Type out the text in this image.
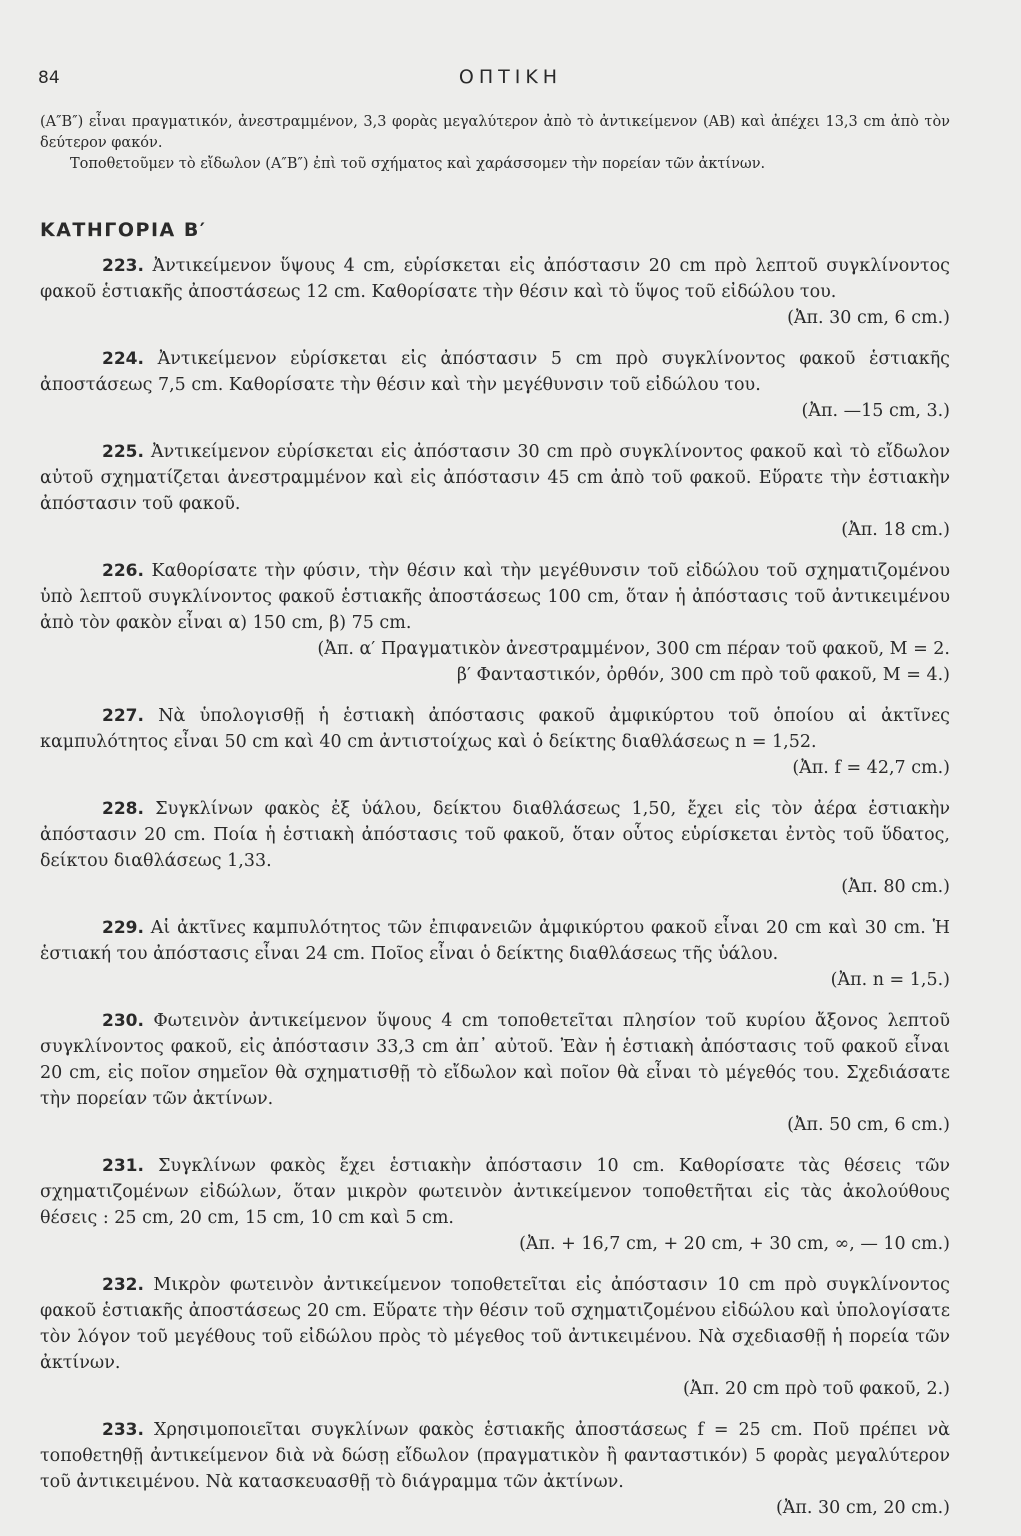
84	ΟΠΤΙΚΗ

(Α″Β″) εἶναι πραγματικόν, ἀνεστραμμένον, 3,3 φορὰς μεγαλύτερον ἀπὸ τὸ ἀντικείμενον (ΑΒ) καὶ ἀπέχει 13,3 cm ἀπὸ τὸν δεύτερον φακόν.

Τοποθετοῦμεν τὸ εἴδωλον (Α″Β″) ἐπὶ τοῦ σχήματος καὶ χαράσσομεν τὴν πορείαν τῶν ἀκτίνων.

ΚΑΤΗΓΟΡΙΑ Β′

223. Ἀντικείμενον ὕψους 4 cm, εὑρίσκεται εἰς ἀπόστασιν 20 cm πρὸ λεπτοῦ συγκλίνοντος φακοῦ ἑστιακῆς ἀποστάσεως 12 cm. Καθορίσατε τὴν θέσιν καὶ τὸ ὕψος τοῦ εἰδώλου του.

(Ἀπ. 30 cm, 6 cm.)

224. Ἀντικείμενον εὑρίσκεται εἰς ἀπόστασιν 5 cm πρὸ συγκλίνοντος φακοῦ ἑστιακῆς ἀποστάσεως 7,5 cm. Καθορίσατε τὴν θέσιν καὶ τὴν μεγέθυνσιν τοῦ εἰδώλου του.

(Ἀπ. —15 cm, 3.)

225. Ἀντικείμενον εὑρίσκεται εἰς ἀπόστασιν 30 cm πρὸ συγκλίνοντος φακοῦ καὶ τὸ εἴδωλον αὐτοῦ σχηματίζεται ἀνεστραμμένον καὶ εἰς ἀπόστασιν 45 cm ἀπὸ τοῦ φακοῦ. Εὕρατε τὴν ἑστιακὴν ἀπόστασιν τοῦ φακοῦ.

(Ἀπ. 18 cm.)

226. Καθορίσατε τὴν φύσιν, τὴν θέσιν καὶ τὴν μεγέθυνσιν τοῦ εἰδώλου τοῦ σχηματιζομένου ὑπὸ λεπτοῦ συγκλίνοντος φακοῦ ἑστιακῆς ἀποστάσεως 100 cm, ὅταν ἡ ἀπόστασις τοῦ ἀντικειμένου ἀπὸ τὸν φακὸν εἶναι α) 150 cm, β) 75 cm.

(Ἀπ. α′ Πραγματικὸν ἀνεστραμμένον, 300 cm πέραν τοῦ φακοῦ, Μ = 2.
β′ Φανταστικόν, ὀρθόν, 300 cm πρὸ τοῦ φακοῦ, Μ = 4.)

227. Νὰ ὑπολογισθῇ ἡ ἑστιακὴ ἀπόστασις φακοῦ ἀμφικύρτου τοῦ ὁποίου αἱ ἀκτῖνες καμπυλότητος εἶναι 50 cm καὶ 40 cm ἀντιστοίχως καὶ ὁ δείκτης διαθλάσεως n = 1,52.

(Ἀπ. f = 42,7 cm.)

228. Συγκλίνων φακὸς ἐξ ὑάλου, δείκτου διαθλάσεως 1,50, ἔχει εἰς τὸν ἀέρα ἑστιακὴν ἀπόστασιν 20 cm. Ποία ἡ ἑστιακὴ ἀπόστασις τοῦ φακοῦ, ὅταν οὗτος εὑρίσκεται ἐντὸς τοῦ ὕδατος, δείκτου διαθλάσεως 1,33.

(Ἀπ. 80 cm.)

229. Αἱ ἀκτῖνες καμπυλότητος τῶν ἐπιφανειῶν ἀμφικύρτου φακοῦ εἶναι 20 cm καὶ 30 cm. Ἡ ἑστιακή του ἀπόστασις εἶναι 24 cm. Ποῖος εἶναι ὁ δείκτης διαθλάσεως τῆς ὑάλου.

(Ἀπ. n = 1,5.)

230. Φωτεινὸν ἀντικείμενον ὕψους 4 cm τοποθετεῖται πλησίον τοῦ κυρίου ἄξονος λεπτοῦ συγκλίνοντος φακοῦ, εἰς ἀπόστασιν 33,3 cm ἀπ᾿ αὐτοῦ. Ἐὰν ἡ ἑστιακὴ ἀπόστασις τοῦ φακοῦ εἶναι 20 cm, εἰς ποῖον σημεῖον θὰ σχηματισθῇ τὸ εἴδωλον καὶ ποῖον θὰ εἶναι τὸ μέγεθός του. Σχεδιάσατε τὴν πορείαν τῶν ἀκτίνων.

(Ἀπ. 50 cm, 6 cm.)

231. Συγκλίνων φακὸς ἔχει ἑστιακὴν ἀπόστασιν 10 cm. Καθορίσατε τὰς θέσεις τῶν σχηματιζομένων εἰδώλων, ὅταν μικρὸν φωτεινὸν ἀντικείμενον τοποθετῆται εἰς τὰς ἀκολούθους θέσεις : 25 cm, 20 cm, 15 cm, 10 cm καὶ 5 cm.

(Ἀπ. + 16,7 cm, + 20 cm, + 30 cm, ∞, — 10 cm.)

232. Μικρὸν φωτεινὸν ἀντικείμενον τοποθετεῖται εἰς ἀπόστασιν 10 cm πρὸ συγκλίνοντος φακοῦ ἑστιακῆς ἀποστάσεως 20 cm. Εὕρατε τὴν θέσιν τοῦ σχηματιζομένου εἰδώλου καὶ ὑπολογίσατε τὸν λόγον τοῦ μεγέθους τοῦ εἰδώλου πρὸς τὸ μέγεθος τοῦ ἀντικειμένου. Νὰ σχεδιασθῇ ἡ πορεία τῶν ἀκτίνων.

(Ἀπ. 20 cm πρὸ τοῦ φακοῦ, 2.)

233. Χρησιμοποιεῖται συγκλίνων φακὸς ἑστιακῆς ἀποστάσεως f = 25 cm. Ποῦ πρέπει νὰ τοποθετηθῇ ἀντικείμενον διὰ νὰ δώσῃ εἴδωλον (πραγματικὸν ἢ φανταστικόν) 5 φορὰς μεγαλύτερον τοῦ ἀντικειμένου. Νὰ κατασκευασθῇ τὸ διάγραμμα τῶν ἀκτίνων.

(Ἀπ. 30 cm, 20 cm.)
